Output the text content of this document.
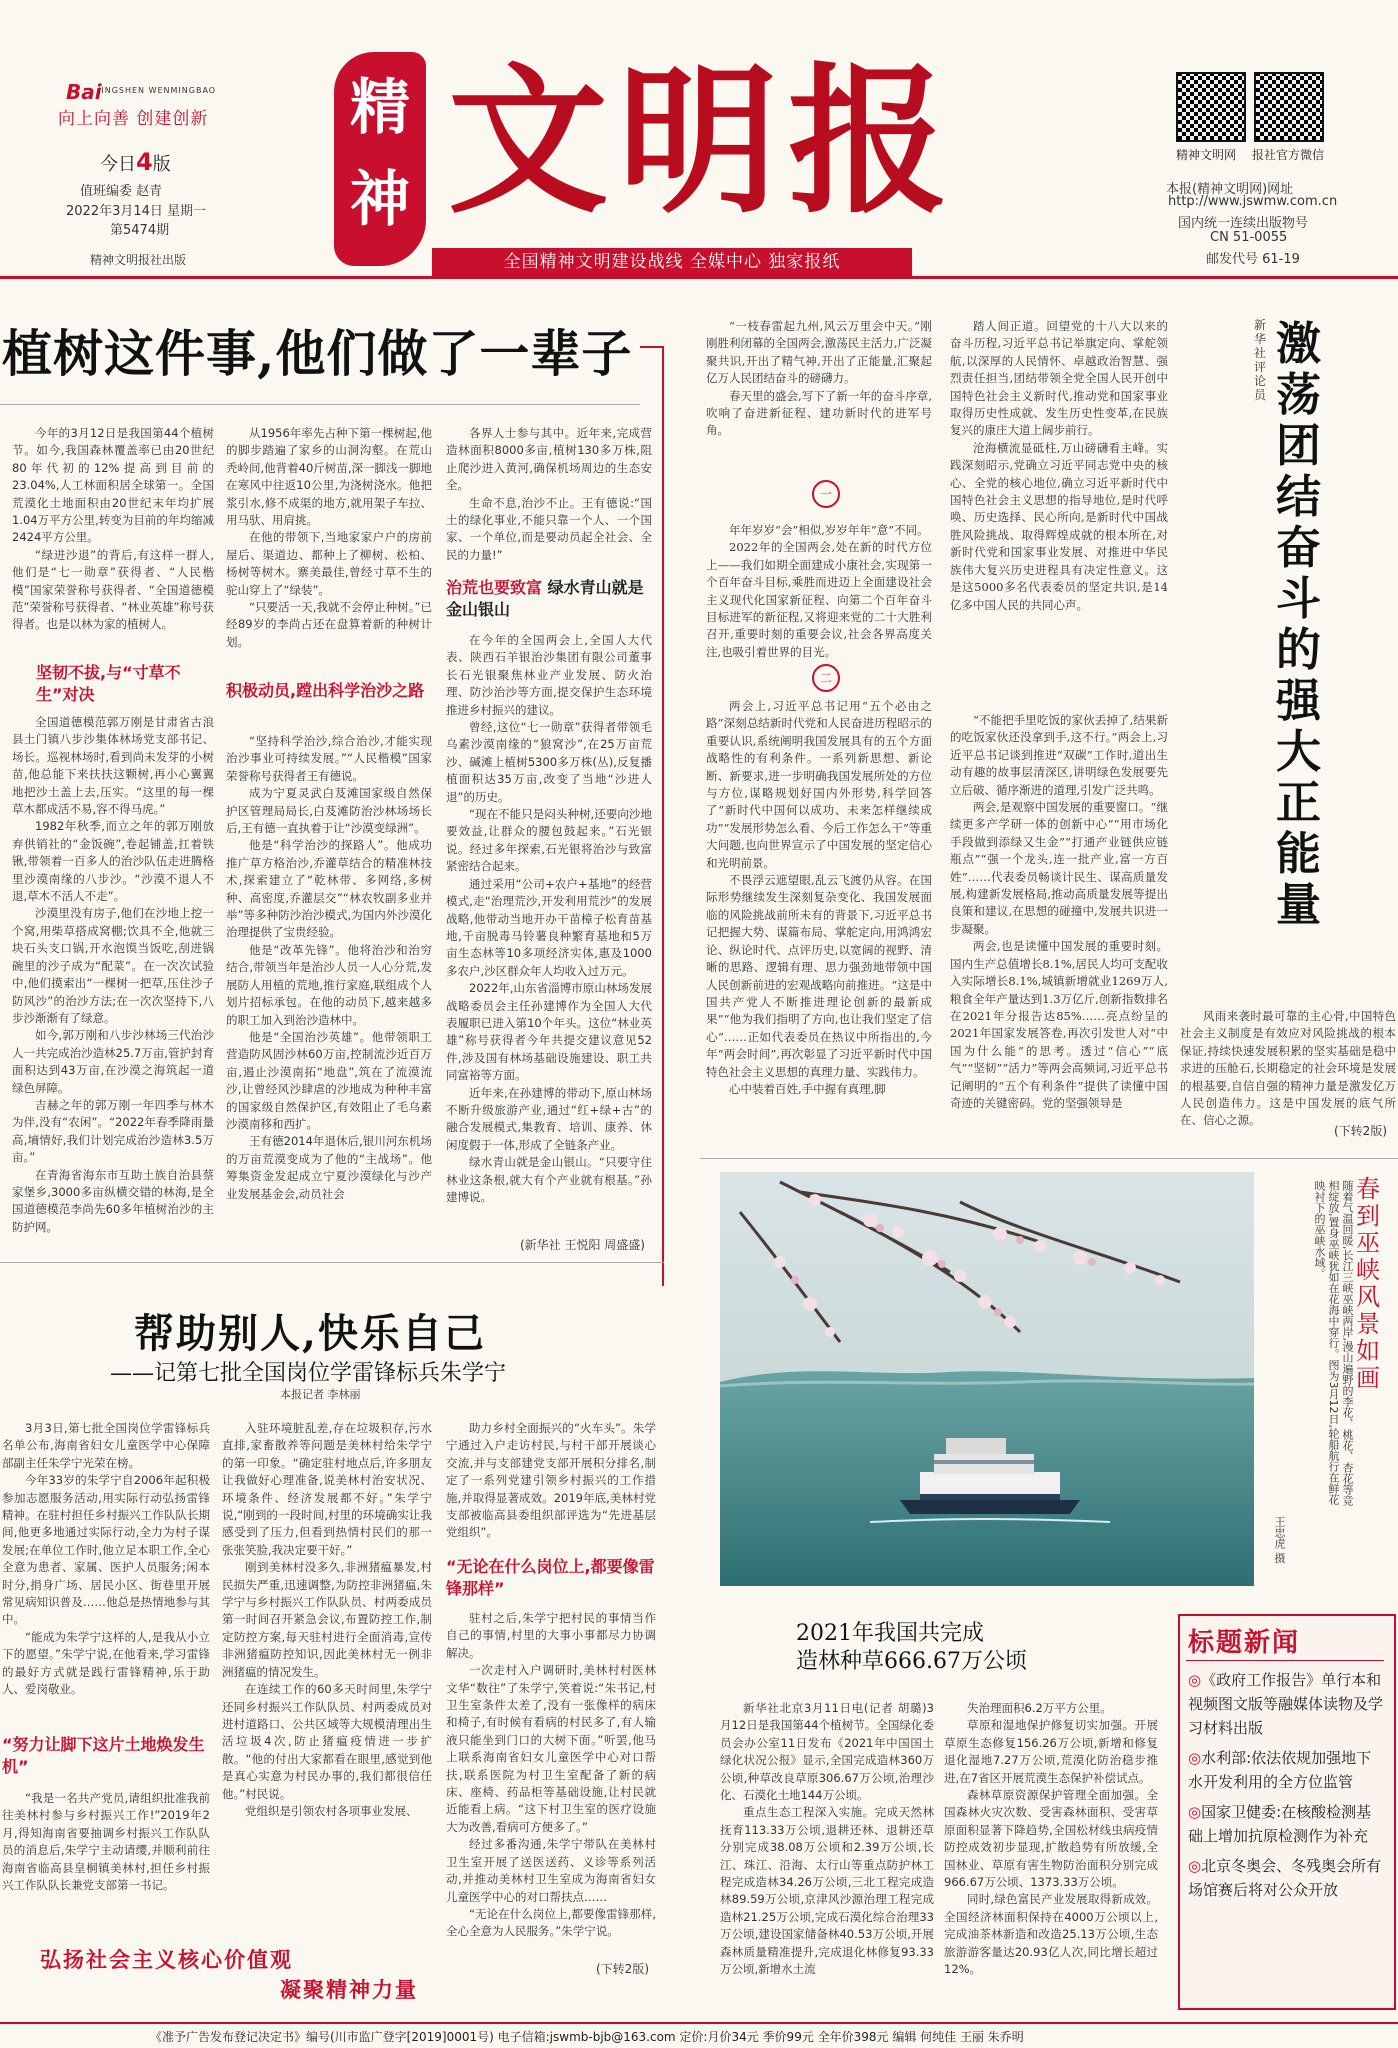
Bai
JINGSHEN WENMINGBAO
向上向善 创建创新
今日4版
值班编委 赵青
2022年3月14日 星期一
第5474期
精神文明报社出版
精
神 文明报
全国精神文明建设战线 全媒中心 独家报纸
精神文明网 报社官方微信
本报(精神文明网)网址
http://www.jswmw.com.cn
国内统一连续出版物号
CN 51-0055
邮发代号 61-19
植树这件事,他们做了一辈子

今年的3月12日是我国第44个植树节。如今,我国森林覆盖率已由20世纪80年代初的12%提高到目前的23.04%,人工林面积居全球第一。全国荒漠化土地面积由20世纪末年均扩展1.04万平方公里,转变为目前的年均缩减2424平方公里。

“绿进沙退”的背后,有这样一群人,他们是“七一勋章”获得者、“人民楷模”国家荣誉称号获得者、“全国道德模范”荣誉称号获得者、“林业英雄”称号获得者。也是以林为家的植树人。

坚韧不拔,与“寸草不生”对决

全国道德模范郭万刚是甘肃省古浪县土门镇八步沙集体林场党支部书记、场长。巡视林场时,看到尚未发芽的小树苗,他总能下来扶扶这颗树,再小心翼翼地把沙土盖上去,压实。“这里的每一棵草木都成活不易,容不得马虎。”

1982年秋季,而立之年的郭万刚放弃供销社的“金饭碗”,卷起铺盖,扛着铁锹,带领着一百多人的治沙队伍走进腾格里沙漠南缘的八步沙。“沙漠不退人不退,草木不活人不走”。

沙漠里没有房子,他们在沙地上挖一个窝,用柴草搭成窝棚;饮具不全,他就三块石头支口锅,开水泡馍当饭吃,刮进锅碗里的沙子成为“配菜”。在一次次试验中,他们摸索出“一棵树一把草,压住沙子防风沙”的治沙方法;在一次次坚持下,八步沙渐渐有了绿意。

如今,郭万刚和八步沙林场三代治沙人一共完成治沙造林25.7万亩,管护封育面积达到43万亩,在沙漠之海筑起一道绿色屏障。

吉赫之年的郭万刚一年四季与林木为伴,没有“农闲”。“2022年春季降雨量高,墒情好,我们计划完成治沙造林3.5万亩。”

在青海省海东市互助土族自治县蔡家堡乡,3000多亩纵横交错的林海,是全国道德模范李尚先60多年植树治沙的主防护网。

从1956年率先占种下第一棵树起,他的脚步踏遍了家乡的山洞沟壑。在荒山秃岭间,他背着40斤树苗,深一脚浅一脚地在寒风中往返10公里,为浇树浇水。他把浆引水,修不成渠的地方,就用架子车拉、用马驮、用肩挑。

在他的带领下,当地家家户户的房前屋后、渠道边、都种上了柳树、松柏、杨树等树木。寨美最佳,曾经寸草不生的驼山穿上了“绿装”。

“只要活一天,我就不会停止种树。”已经89岁的李尚占还在盘算着新的种树计划。

积极动员,蹚出科学治沙之路

“坚持科学治沙,综合治沙,才能实现治沙事业可持续发展。”“人民楷模”国家荣誉称号获得者王有德说。

成为宁夏灵武白芨滩国家级自然保护区管理局局长,白芨滩防治沙林场场长后,王有德一直执着于让“沙漠变绿洲”。

他是“科学治沙的探路人”。他成功推广草方格治沙,乔灌草结合的精准林技术,探索建立了“乾林带、多网络,多树种、高密度,乔灌层交”“林农牧副多业并举”等多种防沙治沙模式,为国内外沙漠化治理提供了宝贵经验。

他是“改革先锋”。他将治沙和治穷结合,带领当年是治沙人员一人心分荒,发展防人用植的荒地,推行家庭,联组成个人划片招标承包。在他的动员下,越来越多的职工加入到治沙造林中。

他是“全国治沙英雄”。他带领职工营造防风固沙林60万亩,控制流沙近百万亩,遏止沙漠南拓“地盘”,筑在了流漠流沙,让曾经风沙肆虐的沙地成为种种丰富的国家级自然保护区,有效阻止了毛乌素沙漠南移和西扩。

王有德2014年退休后,银川河东机场的万亩荒漠变成为了他的“主战场”。他筹集资金发起成立宁夏沙漠绿化与沙产业发展基金会,动员社会

各界人士参与其中。近年来,完成营造林面积8000多亩,植树130多万株,阻止爬沙进入黄河,确保机场周边的生态安全。

生命不息,治沙不止。王有德说:“国土的绿化事业,不能只靠一个人、一个国家、一个单位,而是要动员起全社会、全民的力量!”

治荒也要致富 绿水青山就是金山银山

在今年的全国两会上,全国人大代表、陕西石羊银治沙集团有限公司董事长石光银聚焦林业产业发展、防火治理、防沙治沙等方面,提交保护生态环境推进乡村振兴的建议。

曾经,这位“七一勋章”获得者带领毛乌素沙漠南缘的“狼窝沙”,在25万亩荒沙、碱滩上植树5300多万株(丛),反复播植面积达35万亩,改变了当地“沙进人退”的历史。

“现在不能只是闷头种树,还要向沙地要效益,让群众的腰包鼓起来。”石光银说。经过多年探索,石光银将治沙与致富紧密结合起来。

通过采用“公司+农户+基地”的经营模式,走“治理荒沙,开发利用荒沙”的发展战略,他带动当地开办干苗樟子松育苗基地,千亩脱毒马铃薯良种繁育基地和5万亩生态林等10多项经济实体,惠及1000多农户,沙区群众年人均收入过万元。

2022年,山东省淄博市原山林场发展战略委员会主任孙建博作为全国人大代表履职已进入第10个年头。这位“林业英雄”称号获得者今年共提交建议意见52件,涉及国有林场基础设施建设、职工共同富裕等方面。

近年来,在孙建博的带动下,原山林场不断升级旅游产业,通过“红+绿+古”的融合发展模式,集教育、培训、康养、休闲度假于一体,形成了全链条产业。

绿水青山就是金山银山。“只要守住林业这条根,就大有个产业就有根基。”孙建博说。

(新华社 王悦阳 周盛盛)
帮助别人,快乐自己
——记第七批全国岗位学雷锋标兵朱学宁
本报记者 李林丽

3月3日,第七批全国岗位学雷锋标兵名单公布,海南省妇女儿童医学中心保障部副主任朱学宁光荣在榜。

今年33岁的朱学宁自2006年起积极参加志愿服务活动,用实际行动弘扬雷锋精神。在驻村担任乡村振兴工作队队长期间,他更多地通过实际行动,全力为村子谋发展;在单位工作时,他立足本职工作,全心全意为患者、家属、医护人员服务;闲本时分,捐身广场、居民小区、街巷里开展常见病知识普及……他总是热情地参与其中。

“能成为朱学宁这样的人,是我从小立下的愿望。”朱学宁说,在他看来,学习雷锋的最好方式就是践行雷锋精神,乐于助人、爱岗敬业。

“努力让脚下这片土地焕发生机”

“我是一名共产党员,请组织批准我前往美林村参与乡村振兴工作!”2019年2月,得知海南省要抽调乡村振兴工作队队员的消息后,朱学宁主动请缨,并顺利前往海南省临高县皇桐镇美林村,担任乡村振兴工作队队长兼党支部第一书记。

入驻环境脏乱差,存在垃圾积存,污水直排,家畜散养等问题是美林村给朱学宁的第一印象。“确定驻村地点后,许多朋友让我做好心理准备,说美林村治安状况、环境条件、经济发展都不好。”朱学宁说,“刚到的一段时间,村里的环境确实让我感受到了压力,但看到热情村民们的那一张张笑脸,我决定要干好。”

刚到美林村没多久,非洲猪瘟暴发,村民损失严重,迅速调整,为防控非洲猪瘟,朱学宁与乡村振兴工作队队员、村两委成员第一时间召开紧急会议,布置防控工作,制定防控方案,每天驻村进行全面消毒,宣传非洲猪瘟防控知识,因此美林村无一例非洲猪瘟的情况发生。

在连续工作的60多天时间里,朱学宁还同乡村振兴工作队队员、村两委成员对进村道路口、公共区域等大规模清理出生活垃圾4次,防止猪瘟疫情进一步扩散。“他的付出大家都看在眼里,感觉到他是真心实意为村民办事的,我们都很信任他。”村民说。

党组织是引领农村各项事业发展、

助力乡村全面振兴的“火车头”。朱学宁通过入户走访村民,与村干部开展谈心交流,并与支部建党支部开展积分排名,制定了一系列党建引领乡村振兴的工作措施,并取得显著成效。2019年底,美林村党支部被临高县委组织部评选为“先进基层党组织”。

“无论在什么岗位上,都要像雷锋那样”

驻村之后,朱学宁把村民的事情当作自己的事情,村里的大事小事都尽力协调解决。

一次走村入户调研时,美林村村医林文华“数往”了朱学宁,笑着说:“朱书记,村卫生室条件太差了,没有一张像样的病床和椅子,有时候有看病的村民多了,有人输液只能坐到门口的大树下面。”听罢,他马上联系海南省妇女儿童医学中心对口帮扶,联系医院为村卫生室配备了新的病床、座椅、药品柜等基础设施,让村民就近能看上病。“这下村卫生室的医疗设施大为改善,看病可方便多了。”

经过多番沟通,朱学宁带队在美林村卫生室开展了送医送药、义诊等系列活动,并推动美林村卫生室成为海南省妇女儿童医学中心的对口帮扶点……

“无论在什么岗位上,都要像雷锋那样,全心全意为人民服务。”朱学宁说。

(下转2版)
弘扬社会主义核心价值观
凝聚精神力量

“一枝春雷起九州,风云万里会中天。”刚刚胜利闭幕的全国两会,激荡民主活力,广泛凝聚共识,开出了精气神,开出了正能量,汇聚起亿万人民团结奋斗的磅礴力。

春天里的盛会,写下了新一年的奋斗序章,吹响了奋进新征程、建功新时代的进军号角。

一

年年岁岁“会”相似,岁岁年年“意”不同。

2022年的全国两会,处在新的时代方位上——我们如期全面建成小康社会,实现第一个百年奋斗目标,乘胜而进迈上全面建设社会主义现代化国家新征程、向第二个百年奋斗目标进军的新征程,又将迎来党的二十大胜利召开,重要时刻的重要会议,社会各界高度关注,也吸引着世界的目光。

二

两会上,习近平总书记用“五个必由之路”深刻总结新时代党和人民奋进历程昭示的重要认识,系统阐明我国发展具有的五个方面战略性的有利条件。一系列新思想、新论断、新要求,进一步明确我国发展所处的方位与方位,谋略规划好国内外形势,科学回答了“新时代中国何以成功、未来怎样继续成功”“发展形势怎么看、今后工作怎么干”等重大问题,也向世界宣示了中国发展的坚定信心和光明前景。

不畏浮云遮望眼,乱云飞渡仍从容。在国际形势继续发生深刻复杂变化、我国发展面临的风险挑战前所未有的背景下,习近平总书记把握大势、谋篇布局、掌舵定向,用鸿鸿宏论、纵论时代、点评历史,以宽阔的视野、清晰的思路、逻辑有理、思力强劲地带领中国人民创新前进的宏观战略向前推进。“这是中国共产党人不断推进理论创新的最新成果”“他为我们指明了方向,也让我们坚定了信心”……正如代表委员在热议中所指出的,今年“两会时间”,再次彰显了习近平新时代中国特色社会主义思想的真理力量、实践伟力。

心中装着百姓,手中握有真理,脚

踏人间正道。回望党的十八大以来的奋斗历程,习近平总书记举旗定向、掌舵领航,以深厚的人民情怀、卓越政治智慧、强烈责任担当,团结带领全党全国人民开创中国特色社会主义新时代,推动党和国家事业取得历史性成就、发生历史性变革,在民族复兴的康庄大道上阔步前行。

沧海横流显砥柱,万山磅礴看主峰。实践深刻昭示,党确立习近平同志党中央的核心、全党的核心地位,确立习近平新时代中国特色社会主义思想的指导地位,是时代呼唤、历史选择、民心所向,是新时代中国战胜风险挑战、取得辉煌成就的根本所在,对新时代党和国家事业发展、对推进中华民族伟大复兴历史进程具有决定性意义。这是这5000多名代表委员的坚定共识,是14亿多中国人民的共同心声。

“不能把手里吃饭的家伙丢掉了,结果新的吃饭家伙还没拿到手,这不行。”两会上,习近平总书记谈到推进“双碳”工作时,道出生动有趣的故事层清深区,讲明绿色发展要先立后破、循序渐进的道理,引发广泛共鸣。

两会,是观察中国发展的重要窗口。“继续更多产学研一体的创新中心”“用市场化手段做到添绿又生金”“打通产业链供应链瓶点”“强一个龙头,连一批产业,富一方百姓”……代表委员畅谈计民生、谋高质量发展,构建新发展格局,推动高质量发展等提出良策和建议,在思想的碰撞中,发展共识进一步凝聚。

两会,也是读懂中国发展的重要时刻。国内生产总值增长8.1%,居民人均可支配收入实际增长8.1%,城镇新增就业1269万人,粮食全年产量达到1.3万亿斤,创新指数排名在2021年分报告达85%……亮点纷呈的2021年国家发展答卷,再次引发世人对“中国为什么能”的思考。透过“信心”“底气”“坚韧”“活力”等两会高频词,习近平总书记阐明的“五个有利条件”提供了读懂中国奇迹的关键密码。党的坚强领导是

新华社评论员
激
荡
团
结
奋
斗
的
强
大
正
能
量

风雨来袭时最可靠的主心骨,中国特色社会主义制度是有效应对风险挑战的根本保证,持续快速发展积累的坚实基础是稳中求进的压舱石,长期稳定的社会环境是发展的根基要,自信自强的精神力量是激发亿万人民创造伟力。这是中国发展的底气所在、信心之源。

(下转2版)
春
到
巫
峡
风
景
如
画
随着气温回暖,长江三峡巫峡两岸,漫山遍野的李花、桃花、杏花等竞相绽放,置身巫峡犹如在花海中穿行。图为3月12日,轮船航行在鲜花映衬下的巫峡水域。
王忠虎 摄
2021年我国共完成
造林种草666.67万公顷

新华社北京3月11日电(记者 胡璐)3月12日是我国第44个植树节。全国绿化委员会办公室11日发布《2021年中国国土绿化状况公报》显示,全国完成造林360万公顷,种草改良草原306.67万公顷,治理沙化、石漠化土地144万公顷。

重点生态工程深入实施。完成天然林抚育113.33万公顷,退耕还林、退耕还草分别完成38.08万公顷和2.39万公顷,长江、珠江、沿海、太行山等重点防护林工程完成造林34.26万公顷,三北工程完成造林89.59万公顷,京津风沙源治理工程完成造林21.25万公顷,完成石漠化综合治理33万公顷,建设国家储备林40.53万公顷,开展森林质量精准提升,完成退化林修复93.33万公顷,新增水土流

失治理面积6.2万平方公里。

草原和湿地保护修复切实加强。开展草原生态修复156.26万公顷,新增和修复退化湿地7.27万公顷,荒漠化防治稳步推进,在7省区开展荒漠生态保护补偿试点。

森林草原资源保护管理全面加强。全国森林火灾次数、受害森林面积、受害草原面积显著下降趋势,全国松材线虫病疫情防控成效初步显现,扩散趋势有所放缓,全国林业、草原有害生物防治面积分别完成966.67万公顷、1373.33万公顷。

同时,绿色富民产业发展取得新成效。全国经济林面积保持在4000万公顷以上,完成油茶林新造和改造25.13万公顷,生态旅游游客量达20.93亿人次,同比增长超过12%。

标题新闻
◎《政府工作报告》单行本和视频图文版等融媒体读物及学习材料出版
◎水利部:依法依规加强地下水开发利用的全方位监管
◎国家卫健委:在核酸检测基础上增加抗原检测作为补充
◎北京冬奥会、冬残奥会所有场馆赛后将对公众开放
《准予广告发布登记决定书》编号(川市监广登字[2019]0001号) 电子信箱:jswmb-bjb@163.com 定价:月价34元 季价99元 全年价398元 编辑 何纯佳 王丽 朱乔明
